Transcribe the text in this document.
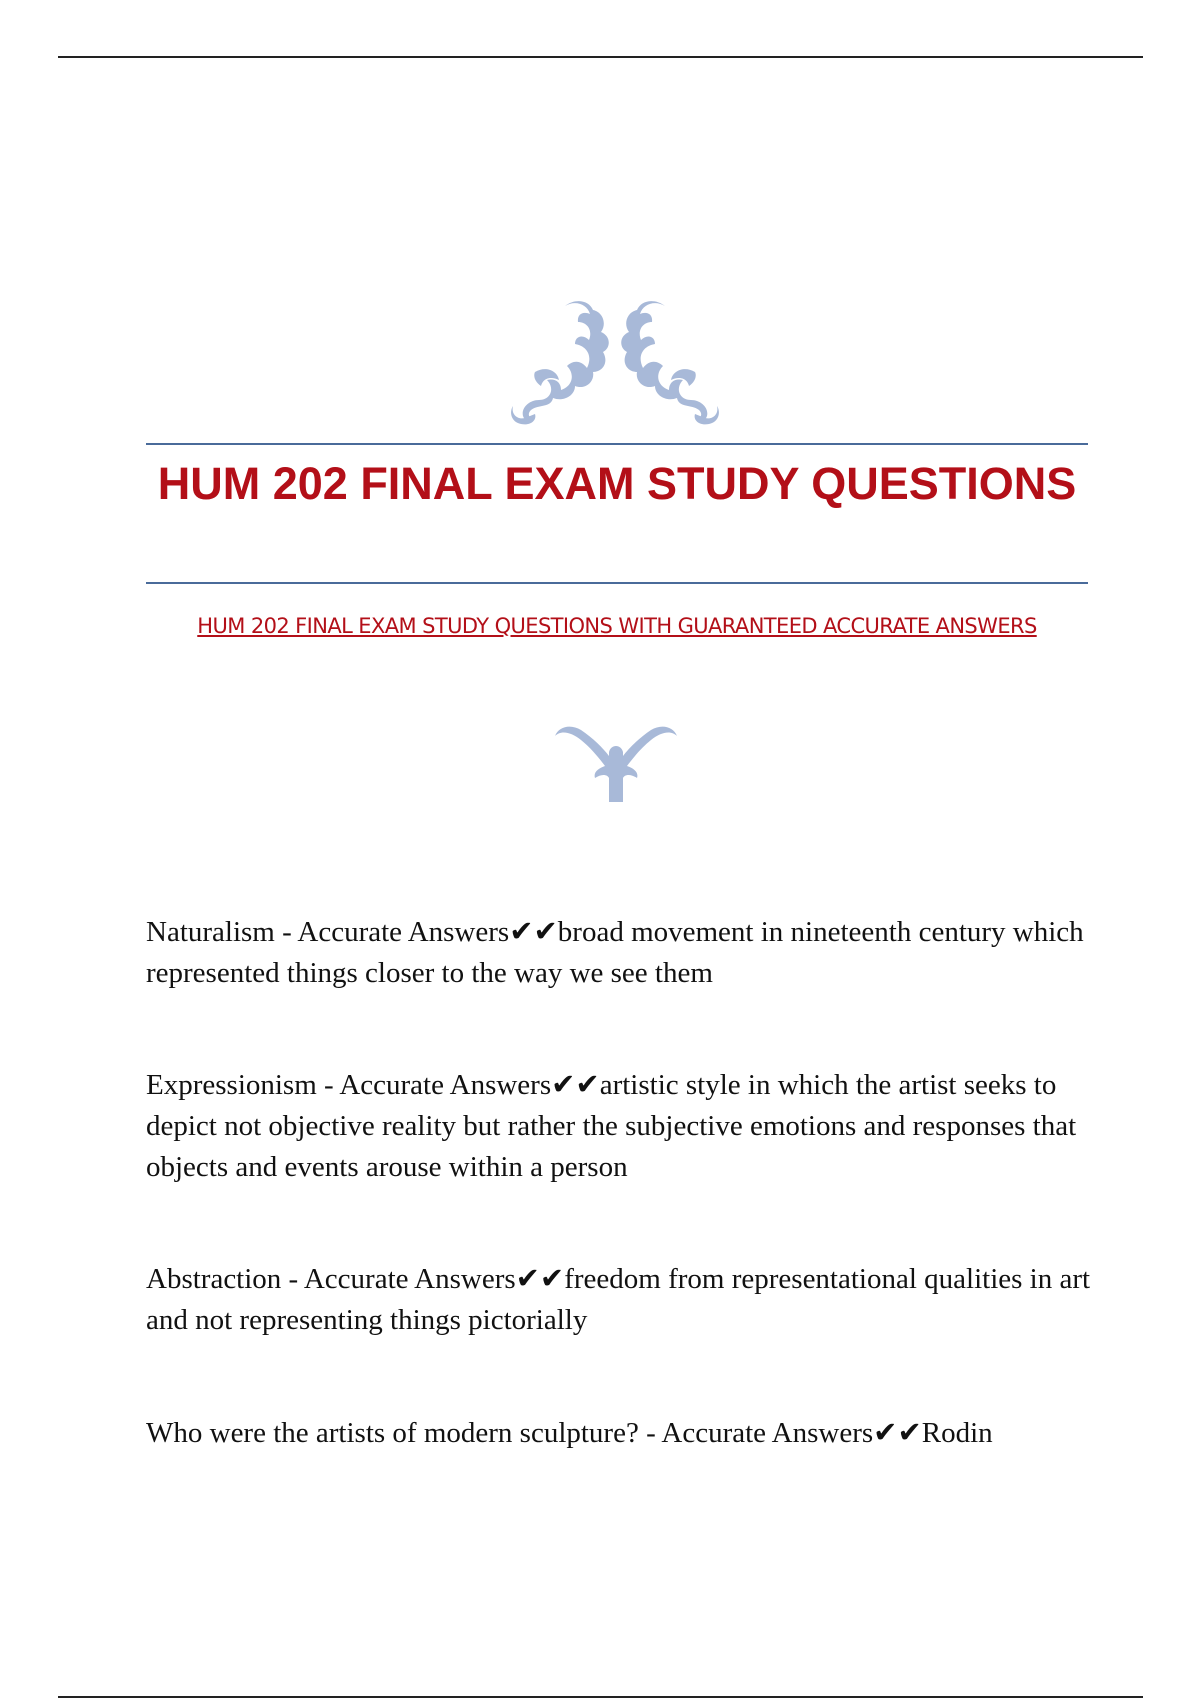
HUM 202 FINAL EXAM STUDY QUESTIONS
HUM 202 FINAL EXAM STUDY QUESTIONS WITH GUARANTEED ACCURATE ANSWERS

Naturalism - Accurate Answers✔✔broad movement in nineteenth century which represented things closer to the way we see them

Expressionism - Accurate Answers✔✔artistic style in which the artist seeks to depict not objective reality but rather the subjective emotions and responses that objects and events arouse within a person

Abstraction - Accurate Answers✔✔freedom from representational qualities in art and not representing things pictorially

Who were the artists of modern sculpture? - Accurate Answers✔✔Rodin
